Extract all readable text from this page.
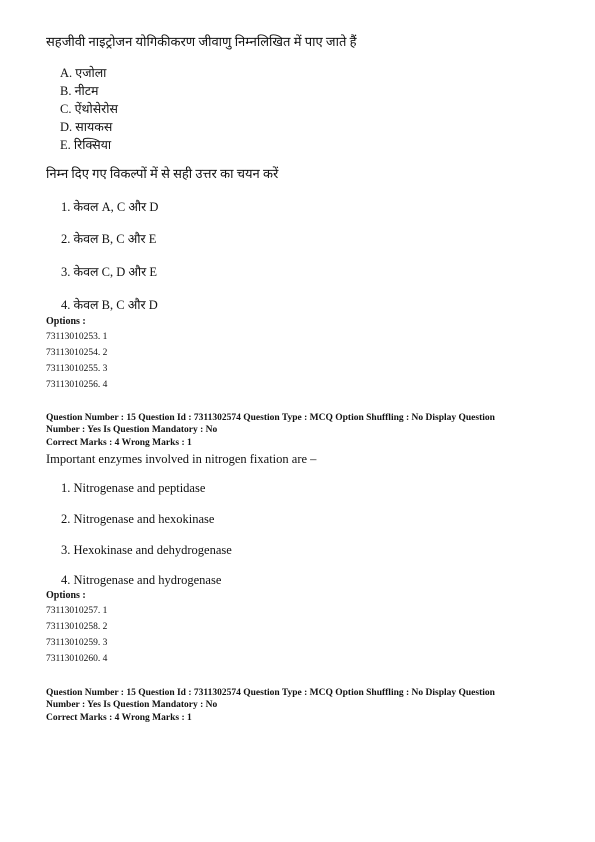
सहजीवी नाइट्रोजन योगिकीकरण जीवाणु निम्नलिखित में पाए जाते हैं
A. एजोला
B. नीटम
C. ऐंथोसेरोस
D. सायकस
E. रिक्सिया
निम्न दिए गए विकल्पों में से सही उत्तर का चयन करें
1. केवल A, C और D
2. केवल B, C और E
3. केवल C, D और E
4. केवल B, C और D
Options :
73113010253. 1
73113010254. 2
73113010255. 3
73113010256. 4
Question Number : 15 Question Id : 7311302574 Question Type : MCQ Option Shuffling : No Display Question
Number : Yes Is Question Mandatory : No
Correct Marks : 4 Wrong Marks : 1
Important enzymes involved in nitrogen fixation are –
1. Nitrogenase and peptidase
2. Nitrogenase and hexokinase
3. Hexokinase and dehydrogenase
4. Nitrogenase and hydrogenase
Options :
73113010257. 1
73113010258. 2
73113010259. 3
73113010260. 4
Question Number : 15 Question Id : 7311302574 Question Type : MCQ Option Shuffling : No Display Question
Number : Yes Is Question Mandatory : No
Correct Marks : 4 Wrong Marks : 1
